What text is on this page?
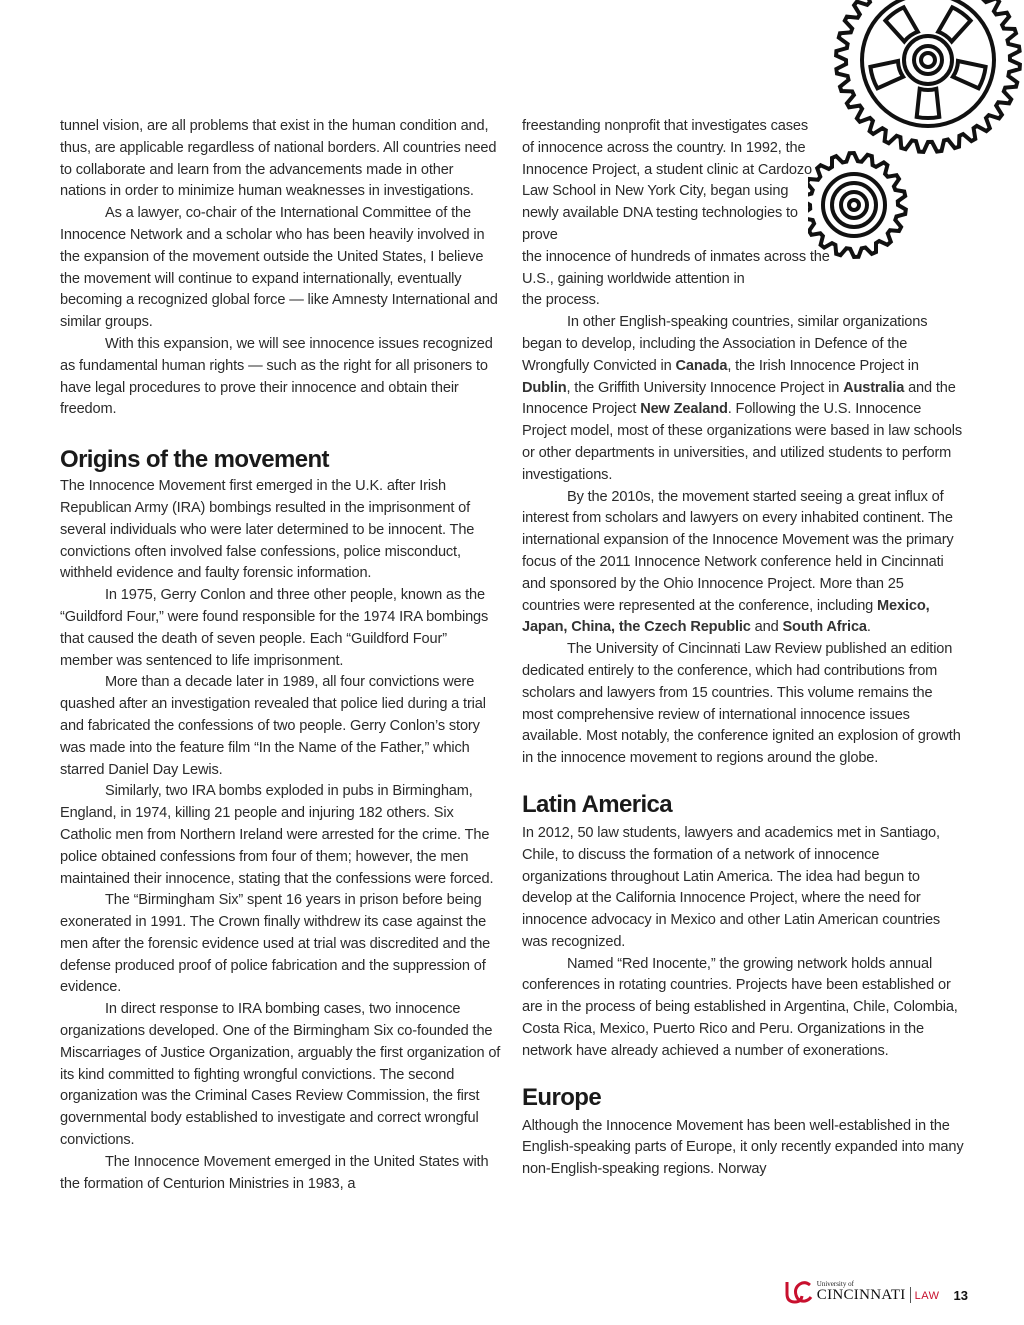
tunnel vision, are all problems that exist in the human condition and, thus, are applicable regardless of national borders. All countries need to collaborate and learn from the advancements made in other nations in order to minimize human weaknesses in investigations.

As a lawyer, co-chair of the International Committee of the Innocence Network and a scholar who has been heavily involved in the expansion of the movement outside the United States, I believe the movement will continue to expand internationally, eventually becoming a recognized global force — like Amnesty International and similar groups.

With this expansion, we will see innocence issues recognized as fundamental human rights — such as the right for all prisoners to have legal procedures to prove their innocence and obtain their freedom.

Origins of the movement

The Innocence Movement first emerged in the U.K. after Irish Republican Army (IRA) bombings resulted in the imprisonment of several individuals who were later determined to be innocent. The convictions often involved false confessions, police misconduct, withheld evidence and faulty forensic information.

In 1975, Gerry Conlon and three other people, known as the “Guildford Four,” were found responsible for the 1974 IRA bombings that caused the death of seven people. Each “Guildford Four” member was sentenced to life imprisonment.

More than a decade later in 1989, all four convictions were quashed after an investigation revealed that police lied during a trial and fabricated the confessions of two people. Gerry Conlon’s story was made into the feature film “In the Name of the Father,” which starred Daniel Day Lewis.

Similarly, two IRA bombs exploded in pubs in Birmingham, England, in 1974, killing 21 people and injuring 182 others. Six Catholic men from Northern Ireland were arrested for the crime. The police obtained confessions from four of them; however, the men maintained their innocence, stating that the confessions were forced.

The “Birmingham Six” spent 16 years in prison before being exonerated in 1991. The Crown finally withdrew its case against the men after the forensic evidence used at trial was discredited and the defense produced proof of police fabrication and the suppression of evidence.

In direct response to IRA bombing cases, two innocence organizations developed. One of the Birmingham Six co-founded the Miscarriages of Justice Organization, arguably the first organization of its kind committed to fighting wrongful convictions. The second organization was the Criminal Cases Review Commission, the first governmental body established to investigate and correct wrongful convictions.

The Innocence Movement emerged in the United States with the formation of Centurion Ministries in 1983, a

freestanding nonprofit that investigates cases of innocence across the country. In 1992, the Innocence Project, a student clinic at Cardozo Law School in New York City, began using newly available DNA testing technologies to prove

the innocence of hundreds of inmates across the U.S., gaining worldwide attention in

the process.

In other English-speaking countries, similar organizations began to develop, including the Association in Defence of the Wrongfully Convicted in Canada, the Irish Innocence Project in Dublin, the Griffith University Innocence Project in Australia and the Innocence Project New Zealand. Following the U.S. Innocence Project model, most of these organizations were based in law schools or other departments in universities, and utilized students to perform investigations.

By the 2010s, the movement started seeing a great influx of interest from scholars and lawyers on every inhabited continent. The international expansion of the Innocence Movement was the primary focus of the 2011 Innocence Network conference held in Cincinnati and sponsored by the Ohio Innocence Project. More than 25 countries were represented at the conference, including Mexico, Japan, China, the Czech Republic and South Africa.

The University of Cincinnati Law Review published an edition dedicated entirely to the conference, which had contributions from scholars and lawyers from 15 countries. This volume remains the most comprehensive review of international innocence issues available. Most notably, the conference ignited an explosion of growth in the innocence movement to regions around the globe.

Latin America

In 2012, 50 law students, lawyers and academics met in Santiago, Chile, to discuss the formation of a network of innocence organizations throughout Latin America. The idea had begun to develop at the California Innocence Project, where the need for innocence advocacy in Mexico and other Latin American countries was recognized.

Named “Red Inocente,” the growing network holds annual conferences in rotating countries. Projects have been established or are in the process of being established in Argentina, Chile, Colombia, Costa Rica, Mexico, Puerto Rico and Peru. Organizations in the network have already achieved a number of exonerations.

Europe

Although the Innocence Movement has been well-established in the English-speaking parts of Europe, it only recently expanded into many non-English-speaking regions. Norway

University of
CINCINNATI LAW 13
